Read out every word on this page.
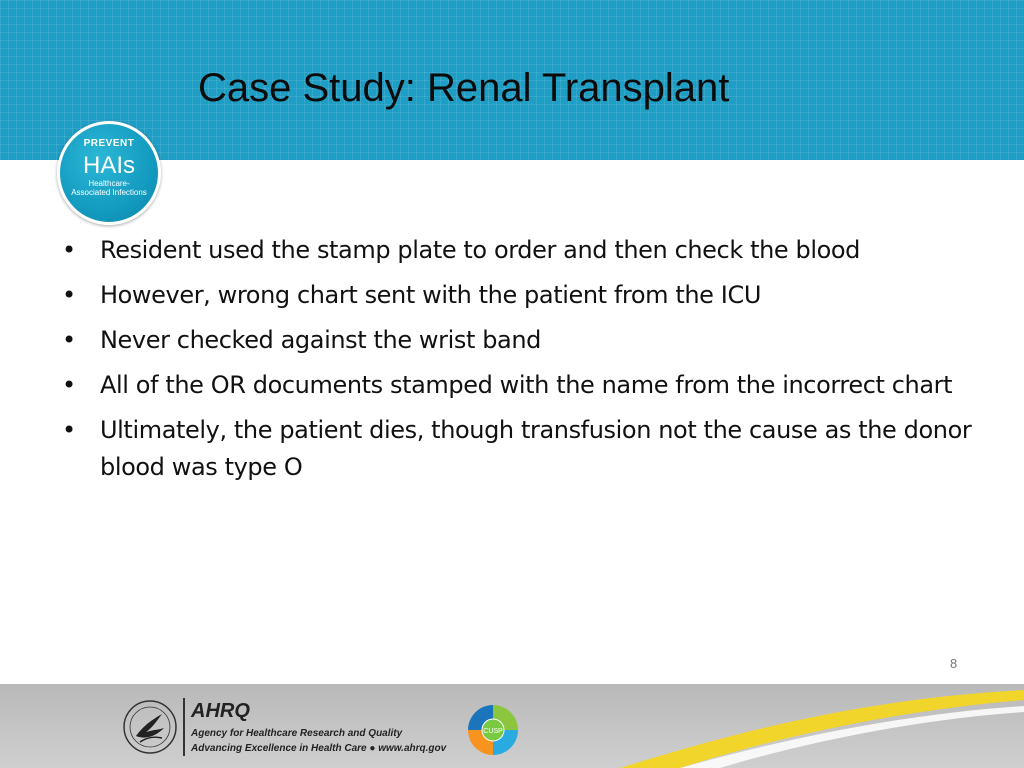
Case Study: Renal Transplant
PREVENT
HAIs
Healthcare-Associated Infections
• Resident used the stamp plate to order and then check the blood
• However, wrong chart sent with the patient from the ICU
• Never checked against the wrist band
• All of the OR documents stamped with the name from the incorrect chart
• Ultimately, the patient dies, though transfusion not the cause as the donor blood was type O
8
AHRQ
Agency for Healthcare Research and Quality
Advancing Excellence in Health Care ● www.ahrq.gov
CUSP
